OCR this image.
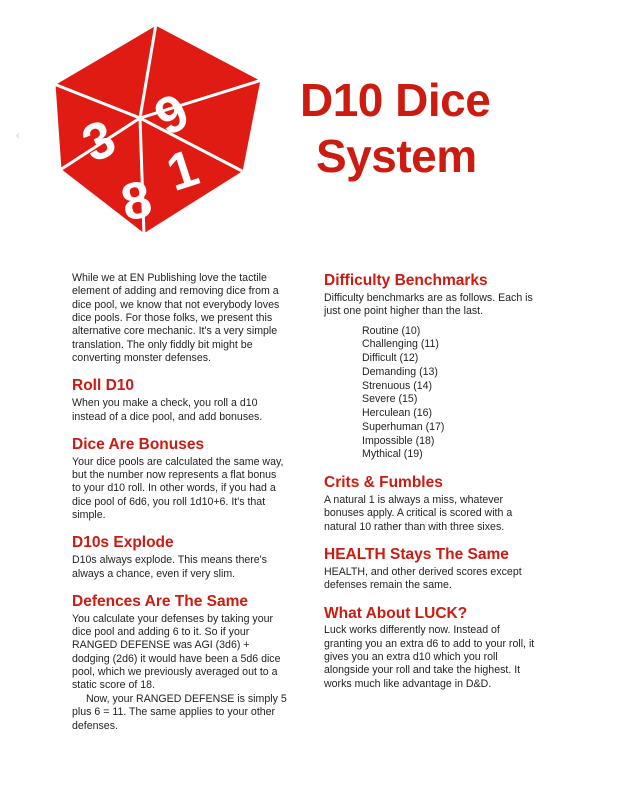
‹ 9
3 1
8
D10 Dice
System

While we at EN Publishing love the tactile element of adding and removing dice from a dice pool, we know that not everybody loves dice pools. For those folks, we present this alternative core mechanic. It's a very simple translation. The only fiddly bit might be converting monster defenses.

Roll D10

When you make a check, you roll a d10 instead of a dice pool, and add bonuses.

Dice Are Bonuses

Your dice pools are calculated the same way, but the number now represents a flat bonus to your d10 roll. In other words, if you had a dice pool of 6d6, you roll 1d10+6. It's that simple.

D10s Explode

D10s always explode. This means there's always a chance, even if very slim.

Defences Are The Same

You calculate your defenses by taking your dice pool and adding 6 to it. So if your RANGED DEFENSE was AGI (3d6) + dodging (2d6) it would have been a 5d6 dice pool, which we previously averaged out to a static score of 18.

Now, your RANGED DEFENSE is simply 5 plus 6 = 11. The same applies to your other defenses.

Difficulty Benchmarks

Difficulty benchmarks are as follows. Each is just one point higher than the last.

Routine (10)
Challenging (11)
Difficult (12)
Demanding (13)
Strenuous (14)
Severe (15)
Herculean (16)
Superhuman (17)
Impossible (18)
Mythical (19)
Crits & Fumbles

A natural 1 is always a miss, whatever bonuses apply. A critical is scored with a natural 10 rather than with three sixes.

HEALTH Stays The Same

HEALTH, and other derived scores except defenses remain the same.

What About LUCK?

Luck works differently now. Instead of granting you an extra d6 to add to your roll, it gives you an extra d10 which you roll alongside your roll and take the highest. It works much like advantage in D&D.
